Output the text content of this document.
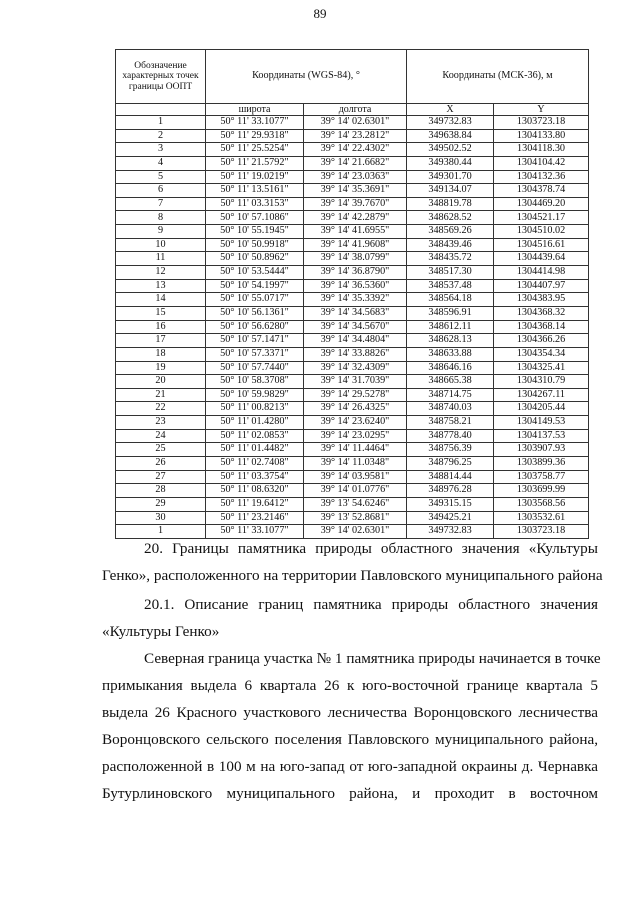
89
Обозначение характерных точек границы ООПТ	Координаты (WGS-84), °		Координаты (МСК-36), м	
	широта	долгота	X	Y
1	50° 11' 33.1077"	39° 14' 02.6301"	349732.83	1303723.18
2	50° 11' 29.9318"	39° 14' 23.2812"	349638.84	1304133.80
3	50° 11' 25.5254"	39° 14' 22.4302"	349502.52	1304118.30
4	50° 11' 21.5792"	39° 14' 21.6682"	349380.44	1304104.42
5	50° 11' 19.0219"	39° 14' 23.0363"	349301.70	1304132.36
6	50° 11' 13.5161"	39° 14' 35.3691"	349134.07	1304378.74
7	50° 11' 03.3153"	39° 14' 39.7670"	348819.78	1304469.20
8	50° 10' 57.1086"	39° 14' 42.2879"	348628.52	1304521.17
9	50° 10' 55.1945"	39° 14' 41.6955"	348569.26	1304510.02
10	50° 10' 50.9918"	39° 14' 41.9608"	348439.46	1304516.61
11	50° 10' 50.8962"	39° 14' 38.0799"	348435.72	1304439.64
12	50° 10' 53.5444"	39° 14' 36.8790"	348517.30	1304414.98
13	50° 10' 54.1997"	39° 14' 36.5360"	348537.48	1304407.97
14	50° 10' 55.0717"	39° 14' 35.3392"	348564.18	1304383.95
15	50° 10' 56.1361"	39° 14' 34.5683"	348596.91	1304368.32
16	50° 10' 56.6280"	39° 14' 34.5670"	348612.11	1304368.14
17	50° 10' 57.1471"	39° 14' 34.4804"	348628.13	1304366.26
18	50° 10' 57.3371"	39° 14' 33.8826"	348633.88	1304354.34
19	50° 10' 57.7440"	39° 14' 32.4309"	348646.16	1304325.41
20	50° 10' 58.3708"	39° 14' 31.7039"	348665.38	1304310.79
21	50° 10' 59.9829"	39° 14' 29.5278"	348714.75	1304267.11
22	50° 11' 00.8213"	39° 14' 26.4325"	348740.03	1304205.44
23	50° 11' 01.4280"	39° 14' 23.6240"	348758.21	1304149.53
24	50° 11' 02.0853"	39° 14' 23.0295"	348778.40	1304137.53
25	50° 11' 01.4482"	39° 14' 11.4464"	348756.39	1303907.93
26	50° 11' 02.7408"	39° 14' 11.0348"	348796.25	1303899.36
27	50° 11' 03.3754"	39° 14' 03.9581"	348814.44	1303758.77
28	50° 11' 08.6320"	39° 14' 01.0776"	348976.28	1303699.99
29	50° 11' 19.6412"	39° 13' 54.6246"	349315.15	1303568.56
30	50° 11' 23.2146"	39° 13' 52.8681"	349425.21	1303532.61
1	50° 11' 33.1077"	39° 14' 02.6301"	349732.83	1303723.18
20. Границы памятника природы областного значения «Культуры
Генко», расположенного на территории Павловского муниципального района
20.1. Описание границ памятника природы областного значения
«Культуры Генко»
Северная граница участка № 1 памятника природы начинается в точке
примыкания выдела 6 квартала 26 к юго-восточной границе квартала 5
выдела 26 Красного участкового лесничества Воронцовского лесничества
Воронцовского сельского поселения Павловского муниципального района,
расположенной в 100 м на юго-запад от юго-западной окраины д. Чернавка
Бутурлиновского муниципального района, и проходит в восточном
